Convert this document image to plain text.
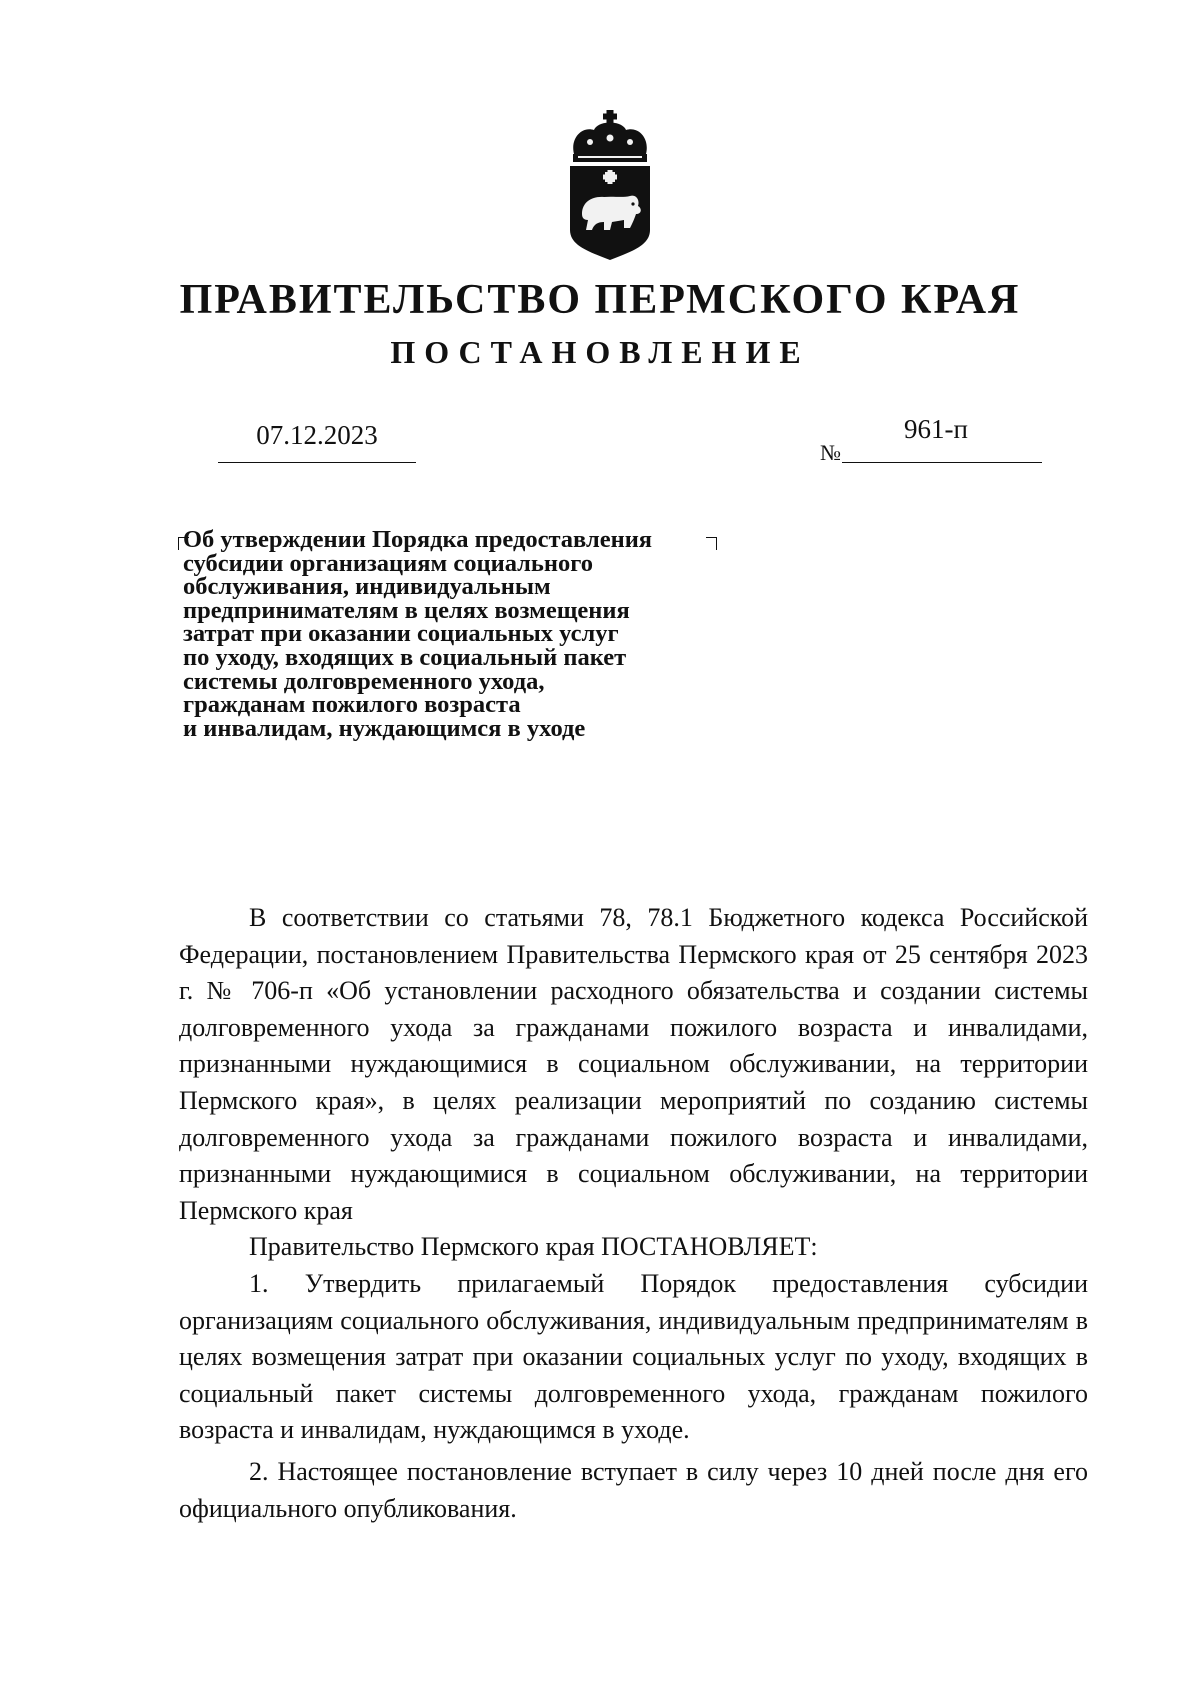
ПРАВИТЕЛЬСТВО ПЕРМСКОГО КРАЯ
ПОСТАНОВЛЕНИЕ
07.12.2023
№
961-п
Об утверждении Порядка предоставления
субсидии организациям социального
обслуживания, индивидуальным
предпринимателям в целях возмещения
затрат при оказании социальных услуг
по уходу, входящих в социальный пакет
системы долговременного ухода,
гражданам пожилого возраста
и инвалидам, нуждающимся в уходе

В соответствии со статьями 78, 78.1 Бюджетного кодекса Российской Федерации, постановлением Правительства Пермского края от 25 сентября 2023 г. № 706-п «Об установлении расходного обязательства и создании системы долговременного ухода за гражданами пожилого возраста и инвалидами, признанными нуждающимися в социальном обслуживании, на территории Пермского края», в целях реализации мероприятий по созданию системы долговременного ухода за гражданами пожилого возраста и инвалидами, признанными нуждающимися в социальном обслуживании, на территории Пермского края

Правительство Пермского края ПОСТАНОВЛЯЕТ:

1. Утвердить прилагаемый Порядок предоставления субсидии организациям социального обслуживания, индивидуальным предпринимателям в целях возмещения затрат при оказании социальных услуг по уходу, входящих в социальный пакет системы долговременного ухода, гражданам пожилого возраста и инвалидам, нуждающимся в уходе.

2. Настоящее постановление вступает в силу через 10 дней после дня его официального опубликования.
